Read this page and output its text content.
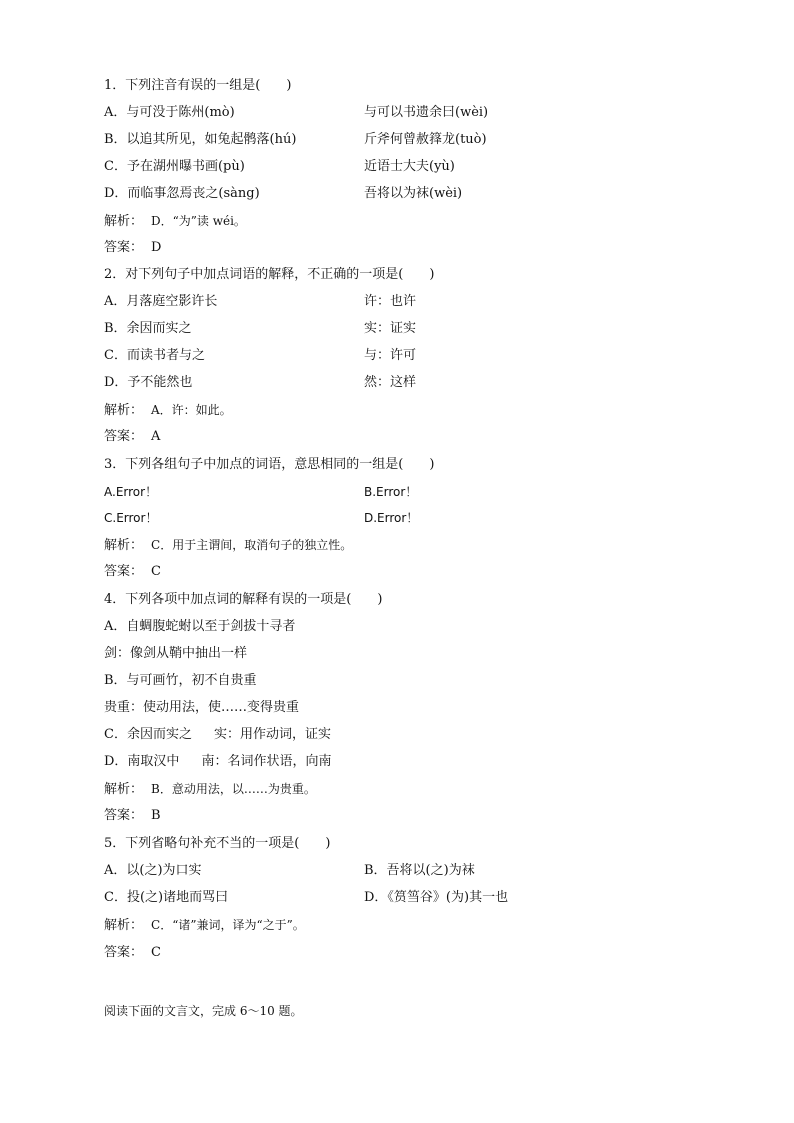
1．下列注音有误的一组是(　　)
A．与可没于陈州(mò)	与可以书遗余曰(wèi)
B．以追其所见，如兔起鹘落(hú)	斤斧何曾赦箨龙(tuò)
C．予在湖州曝书画(pù)	近语士大夫(yù)
D．而临事忽焉丧之(sàng)	吾将以为袜(wèi)
解析： D．“为”读 wéi。
答案： D
2．对下列句子中加点词语的解释，不正确的一项是(　　)
A．月落庭空影许长	许：也许
B．余因而实之	实：证实
C．而读书者与之	与：许可
D．予不能然也	然：这样
解析： A．许：如此。
答案： A
3．下列各组句子中加点的词语，意思相同的一组是(　　)
A.Error！	B.Error！
C.Error！	D.Error！
解析： C．用于主谓间，取消句子的独立性。
答案： C
4．下列各项中加点词的解释有误的一项是(　　)
A．自蜩腹蛇蚹以至于剑拔十寻者
剑：像剑从鞘中抽出一样
B．与可画竹，初不自贵重
贵重：使动用法，使……变得贵重
C．余因而实之 实：用作动词，证实
D．南取汉中 南：名词作状语，向南
解析： B．意动用法，以……为贵重。
答案： B
5．下列省略句补充不当的一项是(　　)
A．以(之)为口实	B．吾将以(之)为袜
C．投(之)诸地而骂曰	D．《筼筜谷》(为)其一也
解析： C．“诸”兼词，译为“之于”。
答案： C
阅读下面的文言文，完成 6～10 题。
